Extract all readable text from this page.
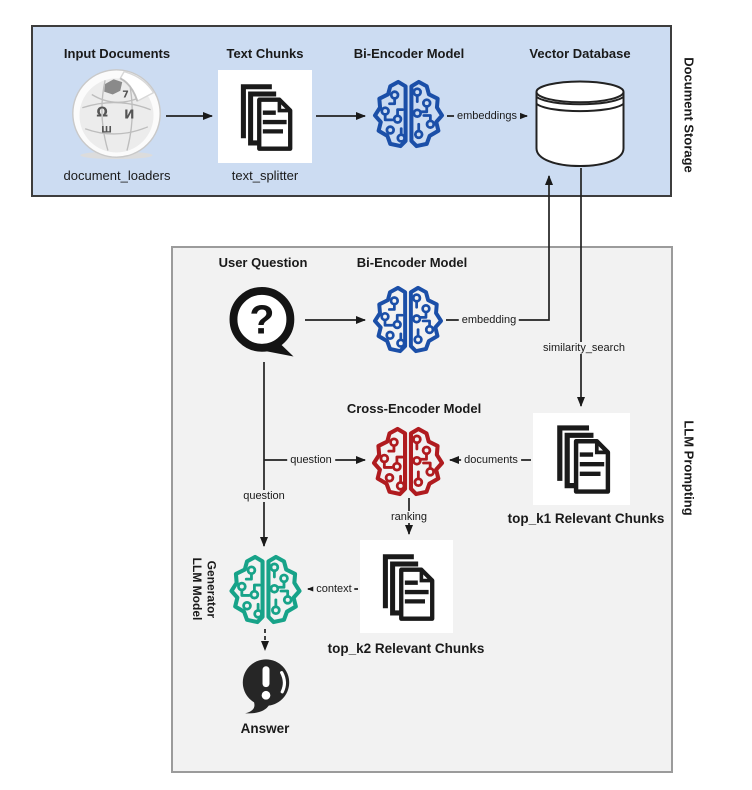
Document Storage
LLM Prompting
Input Documents
document_loaders
Text Chunks
text_splitter
Bi-Encoder Model	Vector Database
User Question	Bi-Encoder Model
Cross-Encoder Model
top_k1 Relevant Chunks
top_k2 Relevant Chunks
LLM Model
Generator
Answer
embeddings
embedding
similarity_search
question
question
documents
ranking
context
